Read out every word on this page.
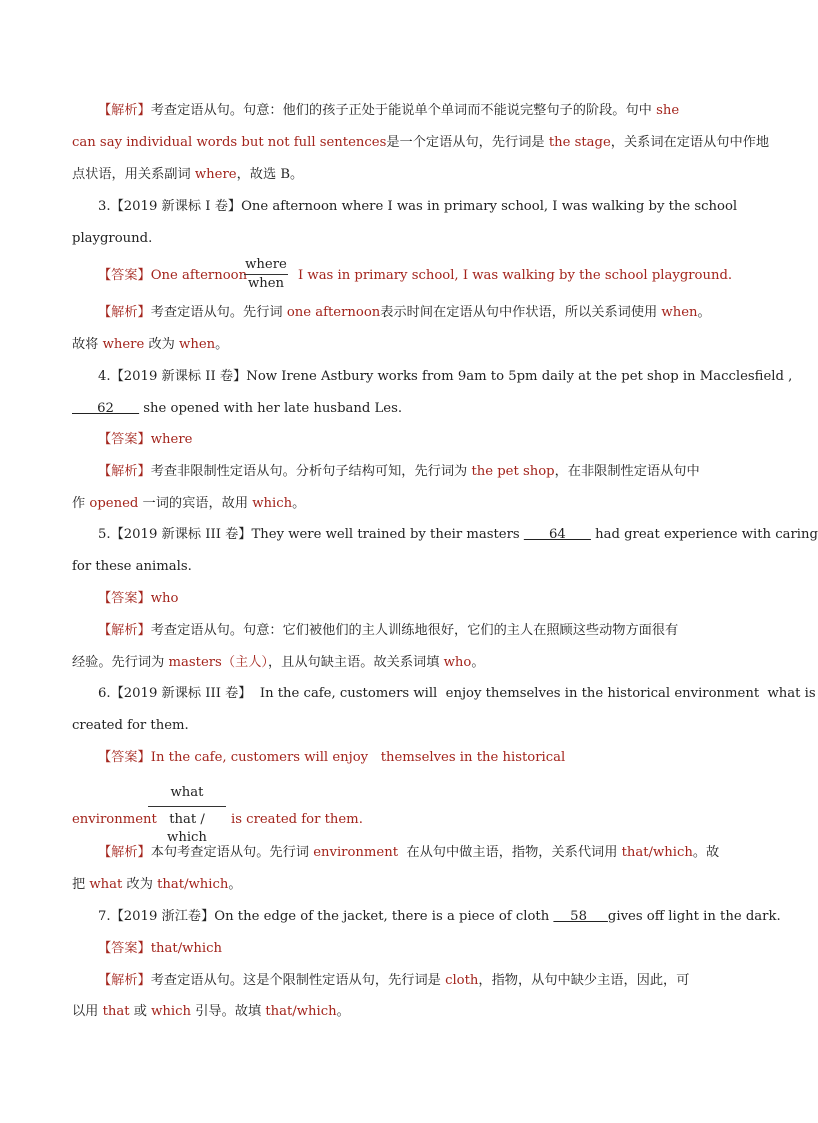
【解析】考查定语从句。句意：他们的孩子正处于能说单个单词而不能说完整句子的阶段。句中 she
can say individual words but not full sentences是一个定语从句，先行词是 the stage，关系词在定语从句中作地
点状语，用关系副词 where，故选 B。
3.【2019 新课标 I 卷】One afternoon where I was in primary school, I was walking by the school
playground.
【答案】One afternoon
where
when
I was in primary school, I was walking by the school playground.
【解析】考查定语从句。先行词 one afternoon表示时间在定语从句中作状语，所以关系词使用 when。
故将 where 改为 when。
4.【2019 新课标 II 卷】Now Irene Astbury works from 9am to 5pm daily at the pet shop in Macclesfield ,
62       she opened with her late husband Les.
【答案】where
【解析】考查非限制性定语从句。分析句子结构可知，先行词为 the pet shop，在非限制性定语从句中
作 opened 一词的宾语，故用 which。
5.【2019 新课标 III 卷】They were well trained by their masters       64       had great experience with caring
for these animals.
【答案】who
【解析】考查定语从句。句意：它们被他们的主人训练地很好，它们的主人在照顾这些动物方面很有
经验。先行词为 masters（主人），且从句缺主语。故关系词填 who。
6.【2019 新课标 III 卷】  In the cafe, customers will  enjoy themselves in the historical environment  what is
created for them.
【答案】In the cafe, customers will enjoy   themselves in the historical
environment
what
that / which
is created for them.
【解析】本句考查定语从句。先行词 environment  在从句中做主语，指物，关系代词用 that/which。故
把 what 改为 that/which。
7.【2019 浙江卷】On the edge of the jacket, there is a piece of cloth     58     gives off light in the dark.
【答案】that/which
【解析】考查定语从句。这是个限制性定语从句，先行词是 cloth，指物，从句中缺少主语，因此，可
以用 that 或 which 引导。故填 that/which。
